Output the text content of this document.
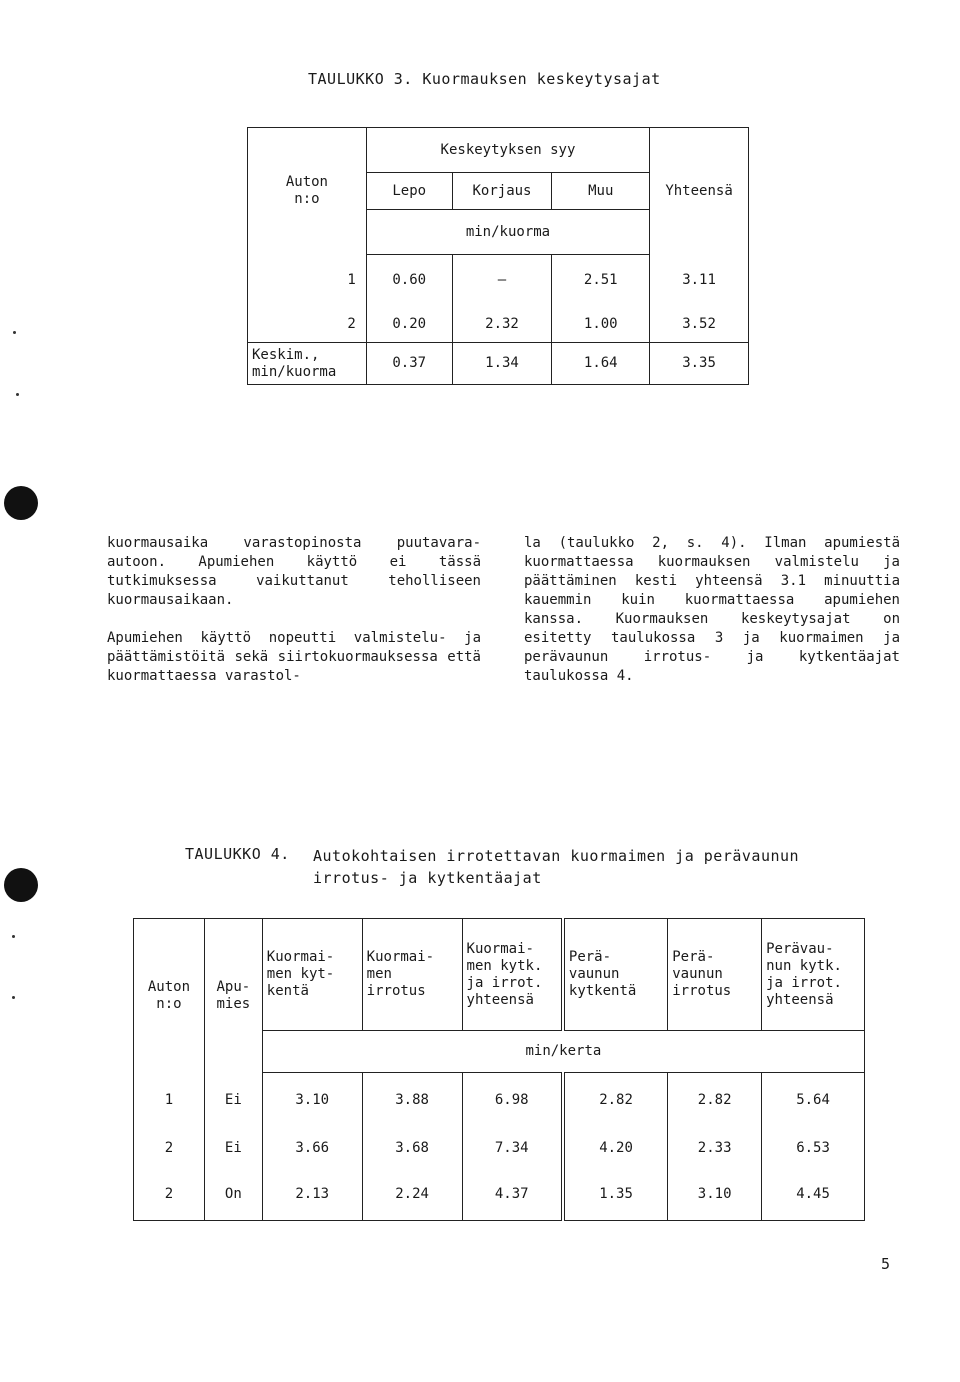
TAULUKKO 3. Kuormauksen keskeytysajat
Auton
n:o	Keskeytyksen syy			Yhteensä
	Lepo	Korjaus	Muu	
	min/kuorma			
1	0.60	–	2.51	3.11
2	0.20	2.32	1.00	3.52
Keskim.,
min/kuorma	0.37	1.34	1.64	3.35

kuormausaika varastopinosta puutavara-autoon. Apumiehen käyttö ei tässä tutkimuksessa vaikuttanut teholliseen kuormausaikaan.

Apumiehen käyttö nopeutti valmistelu- ja päättämistöitä sekä siirtokuormauksessa että kuormattaessa varastol-

la (taulukko 2, s. 4). Ilman apumiestä kuormattaessa kuormauksen valmistelu ja päättäminen kesti yhteensä 3.1 minuuttia kauemmin kuin kuormattaessa apumiehen kanssa. Kuormauksen keskeytysajat on esitetty taulukossa 3 ja kuormaimen ja perävaunun irrotus- ja kytkentäajat taulukossa 4.

TAULUKKO 4. Autokohtaisen irrotettavan kuormaimen ja perävaunun
irrotus- ja kytkentäajat
Auton
n:o	Apu-
mies	Kuormai-
men kyt-
kentä	Kuormai-
men
irrotus	Kuormai-
men kytk.
ja irrot.
yhteensä	Perä-
vaunun
kytkentä	Perä-
vaunun
irrotus	Perävau-
nun kytk.
ja irrot.
yhteensä
		min/kerta					
1	Ei	3.10	3.88	6.98	2.82	2.82	5.64
2	Ei	3.66	3.68	7.34	4.20	2.33	6.53
2	On	2.13	2.24	4.37	1.35	3.10	4.45
5
